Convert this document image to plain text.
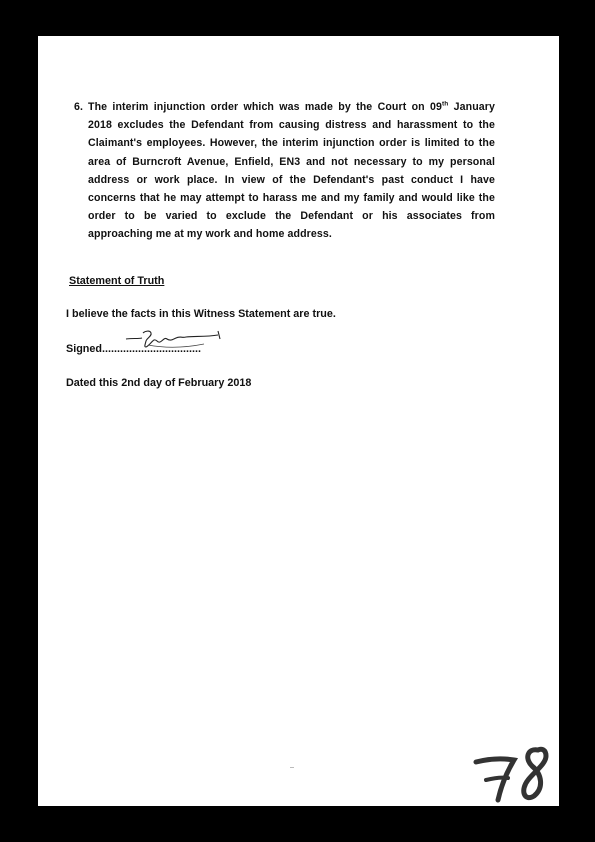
6. The interim injunction order which was made by the Court on 09th January 2018 excludes the Defendant from causing distress and harassment to the Claimant's employees. However, the interim injunction order is limited to the area of Burncroft Avenue, Enfield, EN3 and not necessary to my personal address or work place. In view of the Defendant's past conduct I have concerns that he may attempt to harass me and my family and would like the order to be varied to exclude the Defendant or his associates from approaching me at my work and home address.
Statement of Truth
I believe the facts in this Witness Statement are true.
Signed.................................
Dated this 2nd day of February 2018
